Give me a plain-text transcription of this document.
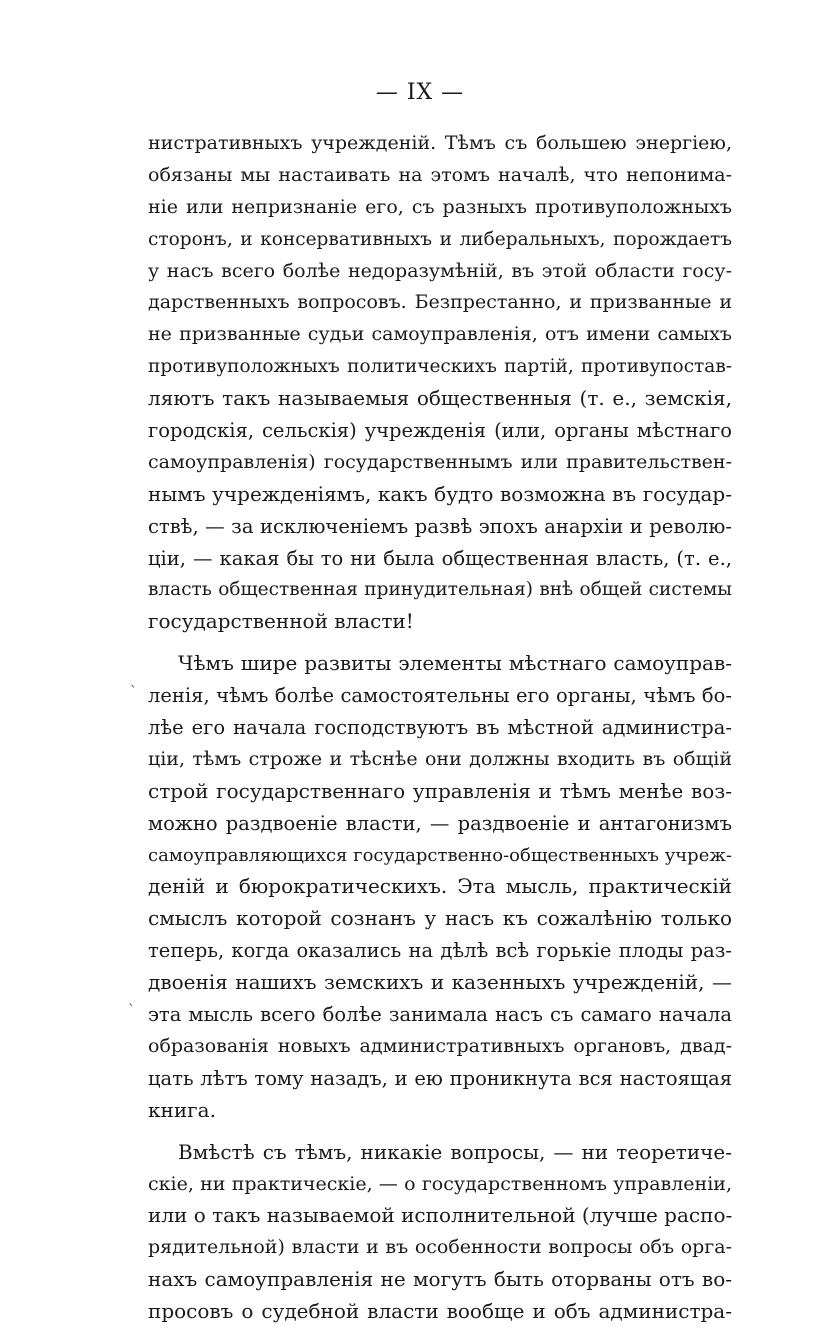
— IX —
нистративныхъ учрежденій. Тѣмъ съ большею энергіею,
обязаны мы настаивать на этомъ началѣ, что непонима-
ніе или непризнаніе его, съ разныхъ противуположныхъ
сторонъ, и консервативныхъ и либеральныхъ, порождаетъ
у насъ всего болѣе недоразумѣній, въ этой области госу-
дарственныхъ вопросовъ. Безпрестанно, и призванные и
не призванные судьи самоуправленія, отъ имени самыхъ
противуположныхъ политическихъ партій, противупостав-
ляютъ такъ называемыя общественныя (т. е., земскія,
городскія, сельскія) учрежденія (или, органы мѣстнаго
самоуправленія) государственнымъ или правительствен-
нымъ учрежденіямъ, какъ будто возможна въ государ-
ствѣ, — за исключеніемъ развѣ эпохъ анархіи и револю-
ціи, — какая бы то ни была общественная власть, (т. е.,
власть общественная принудительная) внѣ общей системы
государственной власти!
Чѣмъ шире развиты элементы мѣстнаго самоуправ-
ленія, чѣмъ болѣе самостоятельны его органы, чѣмъ бо-
лѣе его начала господствуютъ въ мѣстной администра-
ціи, тѣмъ строже и тѣснѣе они должны входить въ общій
строй государственнаго управленія и тѣмъ менѣе воз-
можно раздвоеніе власти, — раздвоеніе и антагонизмъ
самоуправляющихся государственно-общественныхъ учреж-
деній и бюрократическихъ. Эта мысль, практическій
смыслъ которой сознанъ у насъ къ сожалѣнію только
теперь, когда оказались на дѣлѣ всѣ горькіе плоды раз-
двоенія нашихъ земскихъ и казенныхъ учрежденій, —
эта мысль всего болѣе занимала насъ съ самаго начала
образованія новыхъ административныхъ органовъ, двад-
цать лѣтъ тому назадъ, и ею проникнута вся настоящая
книга.
Вмѣстѣ съ тѣмъ, никакіе вопросы, — ни теоретиче-
скіе, ни практическіе, — о государственномъ управленіи,
или о такъ называемой исполнительной (лучше распо-
рядительной) власти и въ особенности вопросы объ орга-
нахъ самоуправленія не могутъ быть оторваны отъ во-
просовъ о судебной власти вообще и объ администра-
ˎ
ˋ
